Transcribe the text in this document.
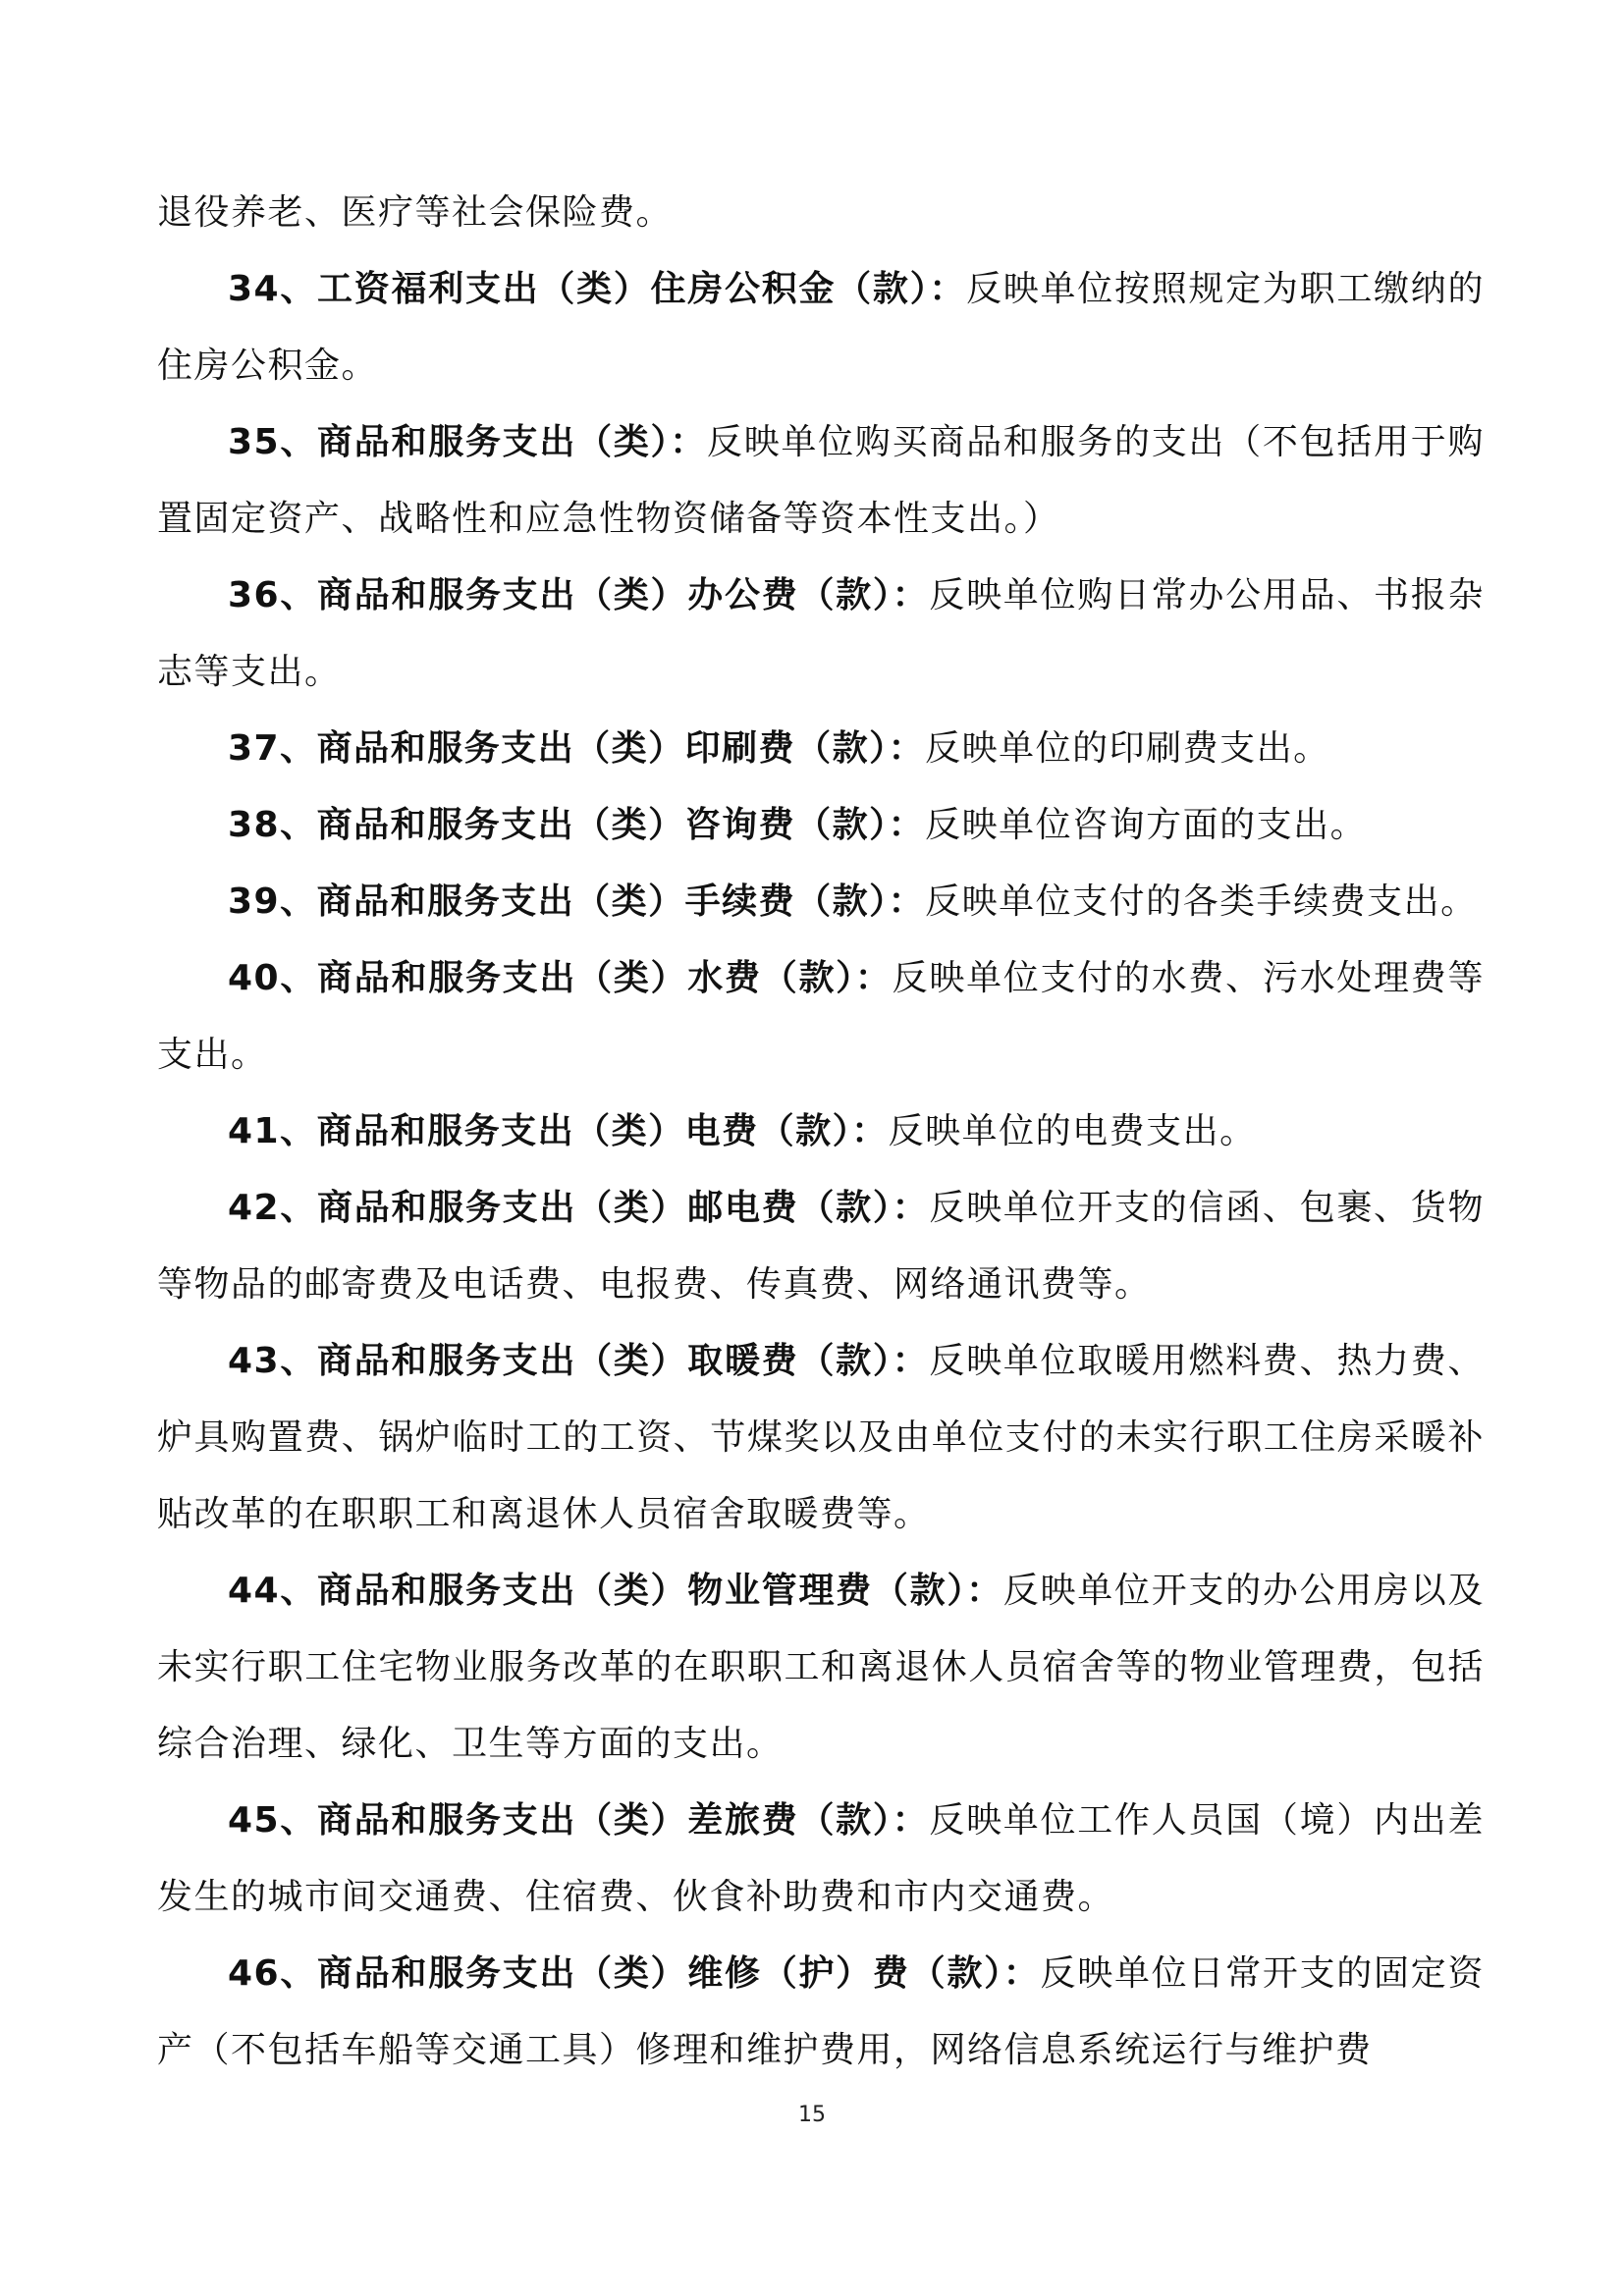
退役养老、医疗等社会保险费。

34、工资福利支出（类）住房公积金（款）：反映单位按照规定为职工缴纳的住房公积金。

35、商品和服务支出（类）：反映单位购买商品和服务的支出（不包括用于购置固定资产、战略性和应急性物资储备等资本性支出。）

36、商品和服务支出（类）办公费（款）：反映单位购日常办公用品、书报杂志等支出。

37、商品和服务支出（类）印刷费（款）：反映单位的印刷费支出。

38、商品和服务支出（类）咨询费（款）：反映单位咨询方面的支出。

39、商品和服务支出（类）手续费（款）：反映单位支付的各类手续费支出。

40、商品和服务支出（类）水费（款）：反映单位支付的水费、污水处理费等支出。

41、商品和服务支出（类）电费（款）：反映单位的电费支出。

42、商品和服务支出（类）邮电费（款）：反映单位开支的信函、包裹、货物等物品的邮寄费及电话费、电报费、传真费、网络通讯费等。

43、商品和服务支出（类）取暖费（款）：反映单位取暖用燃料费、热力费、炉具购置费、锅炉临时工的工资、节煤奖以及由单位支付的未实行职工住房采暖补贴改革的在职职工和离退休人员宿舍取暖费等。

44、商品和服务支出（类）物业管理费（款）：反映单位开支的办公用房以及未实行职工住宅物业服务改革的在职职工和离退休人员宿舍等的物业管理费，包括综合治理、绿化、卫生等方面的支出。

45、商品和服务支出（类）差旅费（款）：反映单位工作人员国（境）内出差发生的城市间交通费、住宿费、伙食补助费和市内交通费。

46、商品和服务支出（类）维修（护）费（款）：反映单位日常开支的固定资产（不包括车船等交通工具）修理和维护费用，网络信息系统运行与维护费

15
